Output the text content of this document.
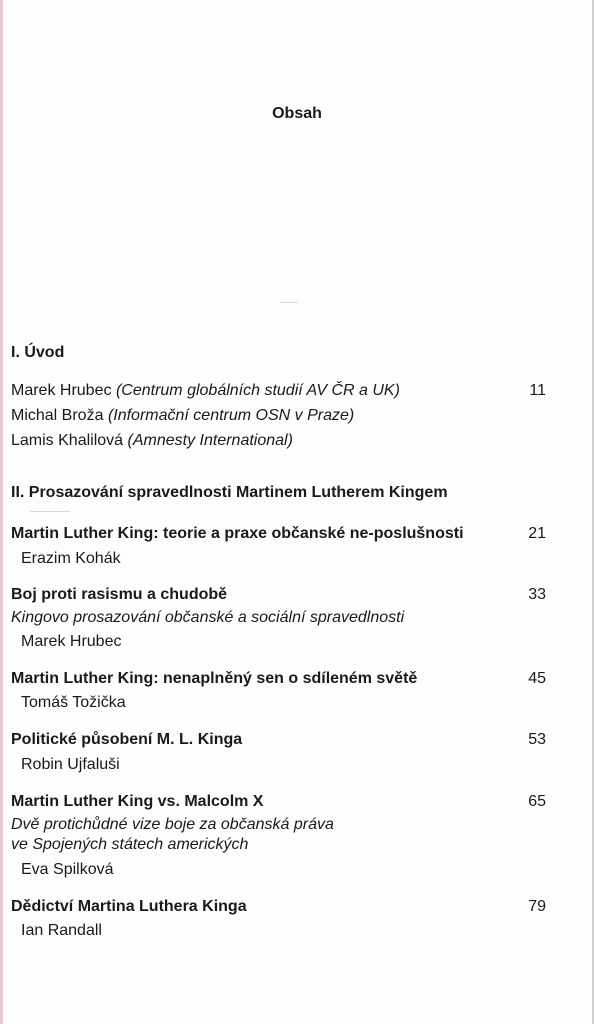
Obsah
I. Úvod
Marek Hrubec (Centrum globálních studií AV ČR a UK)	11
Michal Broža (Informační centrum OSN v Praze)
Lamis Khalilová (Amnesty International)
II. Prosazování spravedlnosti Martinem Lutherem Kingem
Martin Luther King: teorie a praxe občanské ne-poslušnosti	21
Erazim Kohák
Boj proti rasismu a chudobě	33
Kingovo prosazování občanské a sociální spravedlnosti
Marek Hrubec
Martin Luther King: nenaplněný sen o sdíleném světě	45
Tomáš Tožička
Politické působení M. L. Kinga	53
Robin Ujfaluši
Martin Luther King vs. Malcolm X	65
Dvě protichůdné vize boje za občanská práva
ve Spojených státech amerických
Eva Spilková
Dědictví Martina Luthera Kinga	79
Ian Randall
